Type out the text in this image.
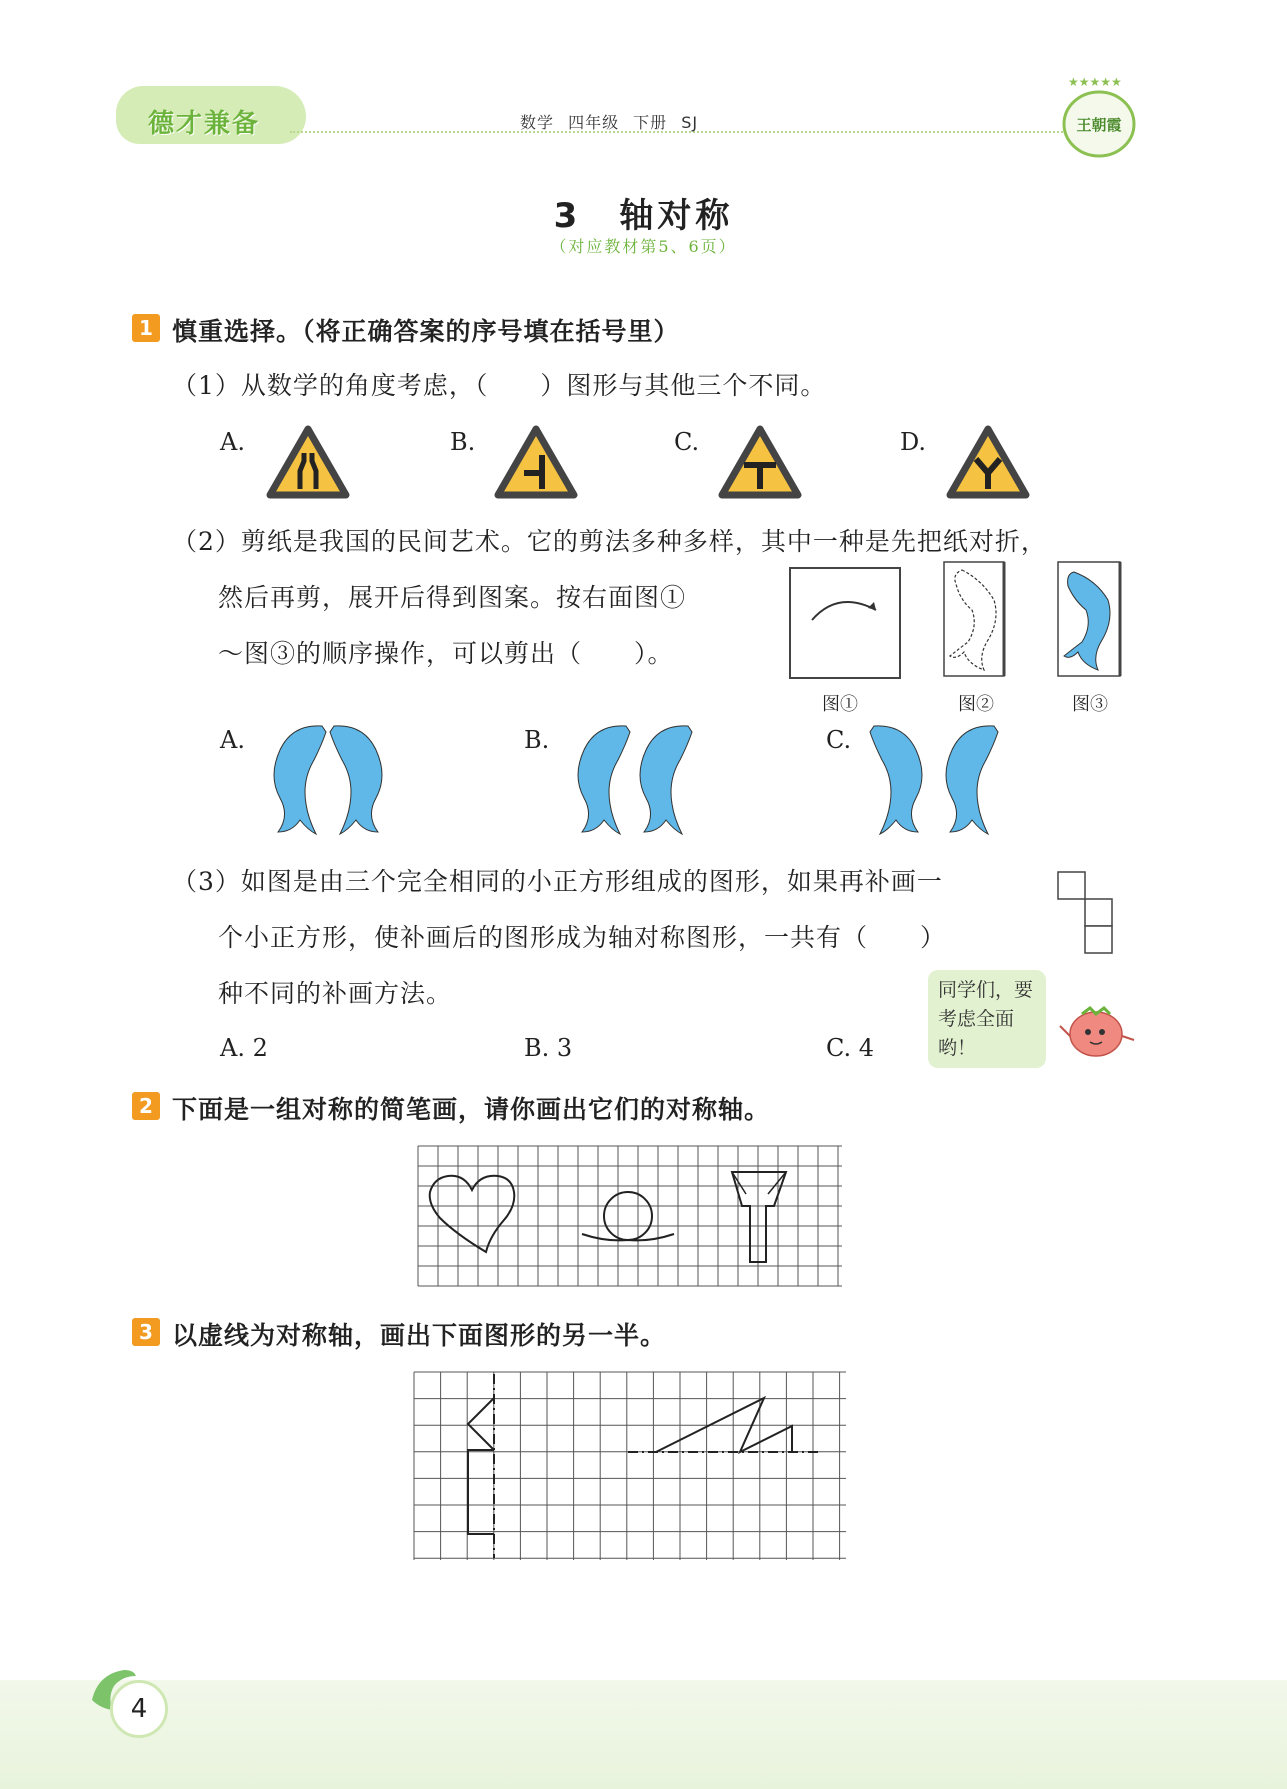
德才兼备	数学 四年级 下册 SJ
★★★★★
王朝霞
3　轴对称
（对应教材第5、6页）
1 慎重选择。（将正确答案的序号填在括号里）
（1）从数学的角度考虑，（　　）图形与其他三个不同。
A.	B.	C.	D.
（2）剪纸是我国的民间艺术。它的剪法多种多样，其中一种是先把纸对折，
然后再剪，展开后得到图案。按右面图①
～图③的顺序操作，可以剪出（　　）。
图①	图②	图③
A.	B.	C.
（3）如图是由三个完全相同的小正方形组成的图形，如果再补画一
个小正方形，使补画后的图形成为轴对称图形，一共有（　　）
种不同的补画方法。
A. 2	B. 3	C. 4
同学们，要
考虑全面
哟！
2 下面是一组对称的简笔画，请你画出它们的对称轴。
3 以虚线为对称轴，画出下面图形的另一半。
4
